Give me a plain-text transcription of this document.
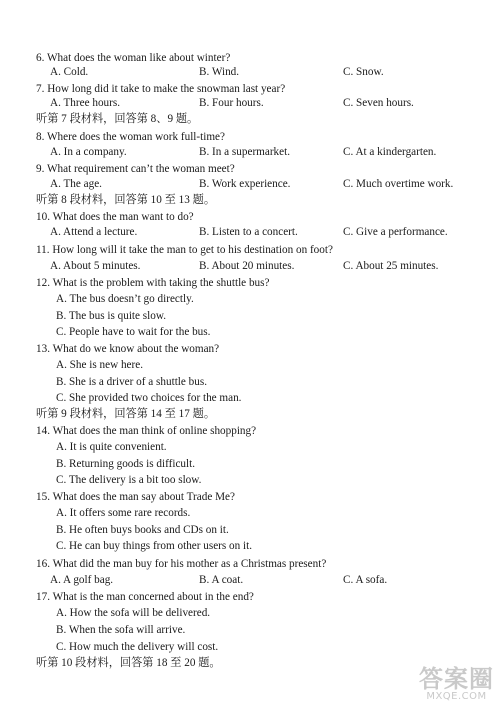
6. What does the woman like about winter?
A. Cold.	B. Wind.	C. Snow.
7. How long did it take to make the snowman last year?
A. Three hours.	B. Four hours.	C. Seven hours.
听第 7 段材料，回答第 8、9 题。
8. Where does the woman work full-time?
A. In a company.	B. In a supermarket.	C. At a kindergarten.
9. What requirement can’t the woman meet?
A. The age.	B. Work experience.	C. Much overtime work.
听第 8 段材料，回答第 10 至 13 题。
10. What does the man want to do?
A. Attend a lecture.	B. Listen to a concert.	C. Give a performance.
11. How long will it take the man to get to his destination on foot?
A. About 5 minutes.	B. About 20 minutes.	C. About 25 minutes.
12. What is the problem with taking the shuttle bus?
A. The bus doesn’t go directly.
B. The bus is quite slow.
C. People have to wait for the bus.
13. What do we know about the woman?
A. She is new here.
B. She is a driver of a shuttle bus.
C. She provided two choices for the man.
听第 9 段材料，回答第 14 至 17 题。
14. What does the man think of online shopping?
A. It is quite convenient.
B. Returning goods is difficult.
C. The delivery is a bit too slow.
15. What does the man say about Trade Me?
A. It offers some rare records.
B. He often buys books and CDs on it.
C. He can buy things from other users on it.
16. What did the man buy for his mother as a Christmas present?
A. A golf bag.	B. A coat.	C. A sofa.
17. What is the man concerned about in the end?
A. How the sofa will be delivered.
B. When the sofa will arrive.
C. How much the delivery will cost.
听第 10 段材料，回答第 18 至 20 题。
答案圈
MXQE.COM
